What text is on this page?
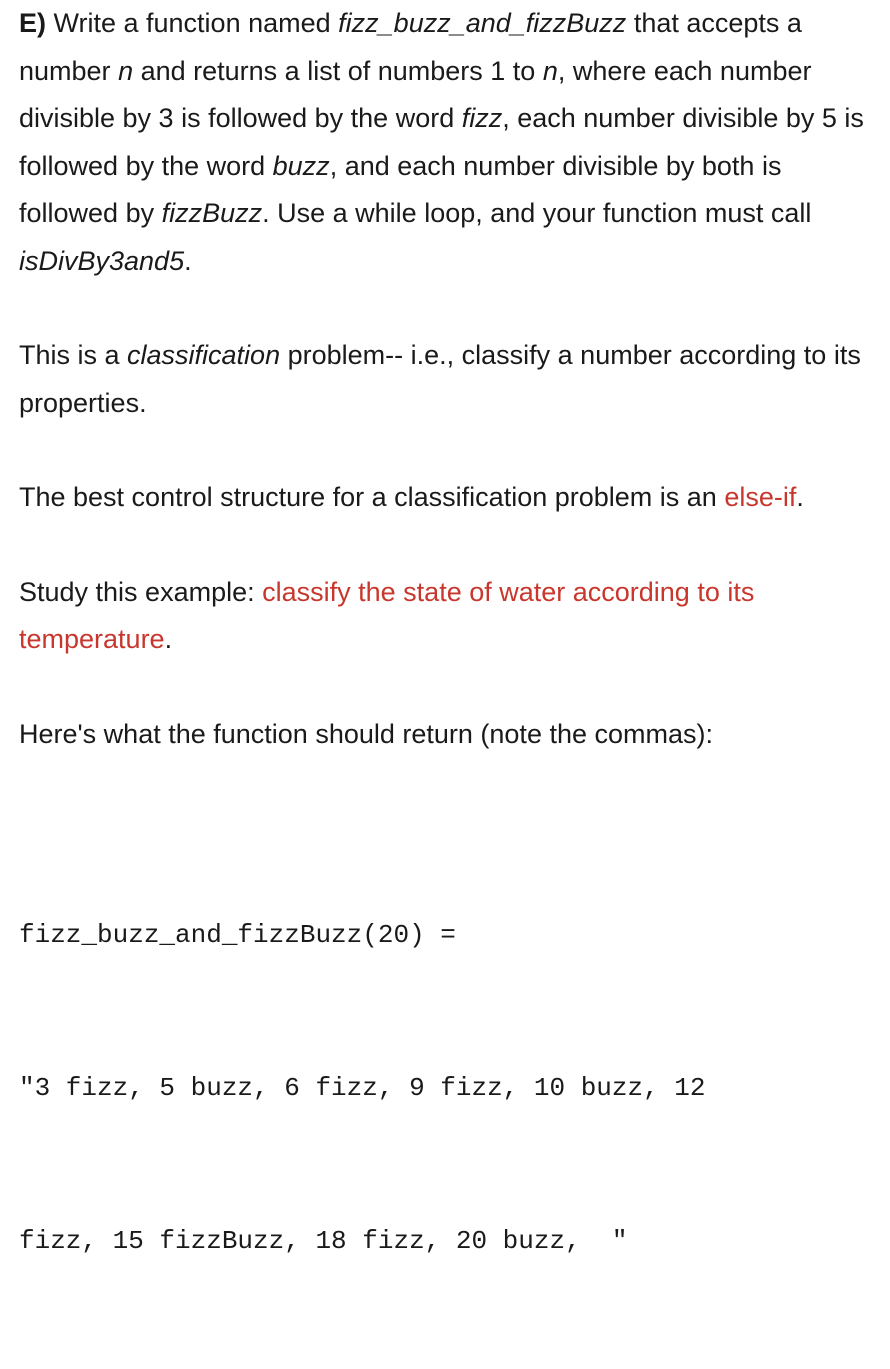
E) Write a function named fizz_buzz_and_fizzBuzz that accepts a number n and returns a list of numbers 1 to n, where each number divisible by 3 is followed by the word fizz, each number divisible by 5 is followed by the word buzz, and each number divisible by both is followed by fizzBuzz. Use a while loop, and your function must call isDivBy3and5.

This is a classification problem-- i.e., classify a number according to its properties.

The best control structure for a classification problem is an else-if.

Study this example: classify the state of water according to its temperature.

Here's what the function should return (note the commas):

fizz_buzz_and_fizzBuzz(20) =

"3 fizz, 5 buzz, 6 fizz, 9 fizz, 10 buzz, 12

fizz, 15 fizzBuzz, 18 fizz, 20 buzz,  "
